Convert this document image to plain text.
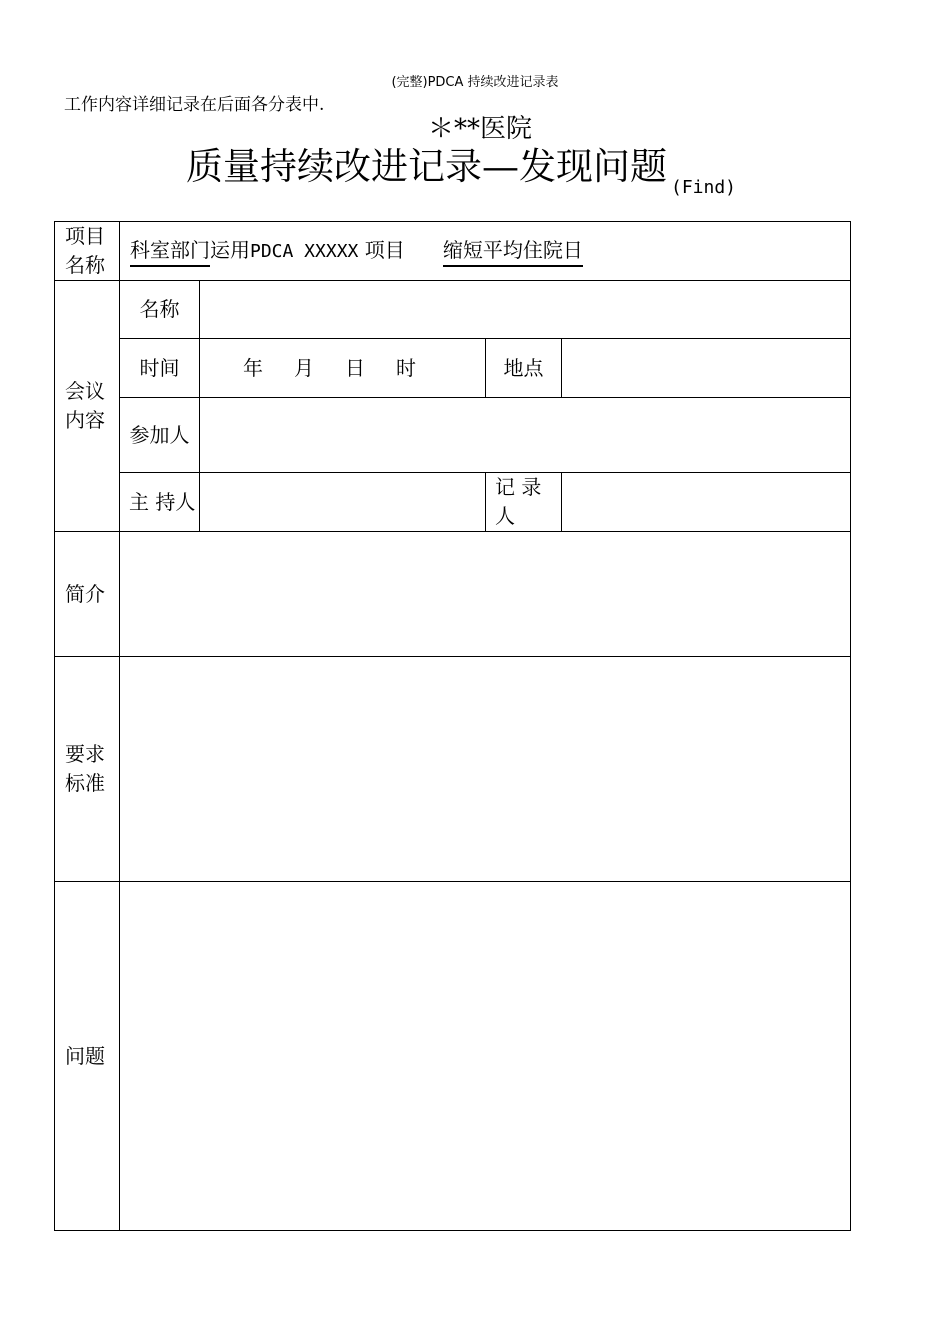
(完整)PDCA 持续改进记录表
工作内容详细记录在后面各分表中.
＊**医院
质量持续改进记录—发现问题 $_{(Find)}$
项目名称	科室部门运用PDCA XXXXX 项目 缩短平均住院日			
会议内容	名称			
	时间	年 月 日 时	地点	
	参加人			
	主 持人		记 录人	
简介				
要求标准				
问题				
